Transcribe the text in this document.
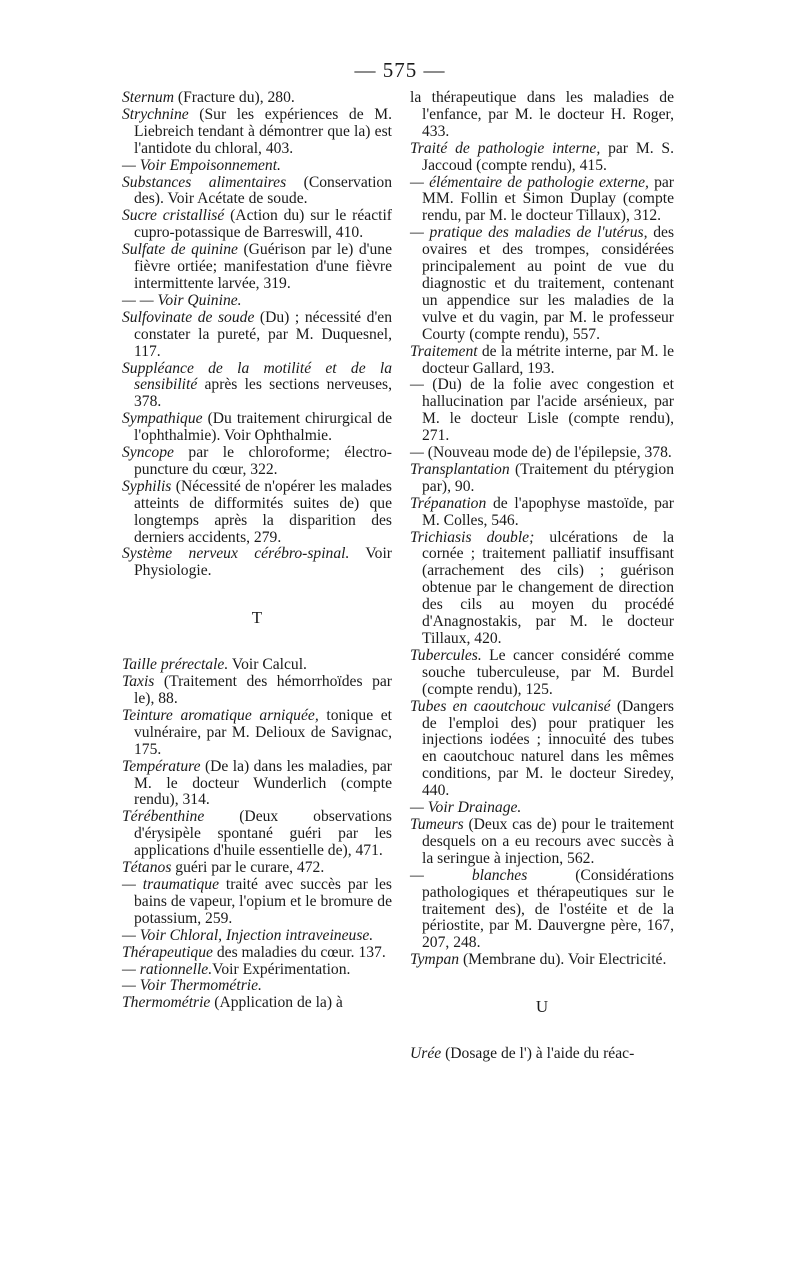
— 575 —

Sternum (Fracture du), 280.

Strychnine (Sur les expériences de M. Liebreich tendant à démontrer que la) est l'antidote du chloral, 403.

— Voir Empoisonnement.

Substances alimentaires (Conservation des). Voir Acétate de soude.

Sucre cristallisé (Action du) sur le réactif cupro-potassique de Barreswill, 410.

Sulfate de quinine (Guérison par le) d'une fièvre ortiée; manifestation d'une fièvre intermittente larvée, 319.

— — Voir Quinine.

Sulfovinate de soude (Du) ; nécessité d'en constater la pureté, par M. Duquesnel, 117.

Suppléance de la motilité et de la sensibilité après les sections nerveuses, 378.

Sympathique (Du traitement chirurgical de l'ophthalmie). Voir Ophthalmie.

Syncope par le chloroforme; électro-puncture du cœur, 322.

Syphilis (Nécessité de n'opérer les malades atteints de difformités suites de) que longtemps après la disparition des derniers accidents, 279.

Système nerveux cérébro-spinal. Voir Physiologie.

T

Taille prérectale. Voir Calcul.

Taxis (Traitement des hémorrhoïdes par le), 88.

Teinture aromatique arniquée, tonique et vulnéraire, par M. Delioux de Savignac, 175.

Température (De la) dans les maladies, par M. le docteur Wunderlich (compte rendu), 314.

Térébenthine (Deux observations d'érysipèle spontané guéri par les applications d'huile essentielle de), 471.

Tétanos guéri par le curare, 472.

— traumatique traité avec succès par les bains de vapeur, l'opium et le bromure de potassium, 259.

— Voir Chloral, Injection intraveineuse.

Thérapeutique des maladies du cœur. 137.

— rationnelle.Voir Expérimentation.

— Voir Thermométrie.

Thermométrie (Application de la) à

la thérapeutique dans les maladies de l'enfance, par M. le docteur H. Roger, 433.

Traité de pathologie interne, par M. S. Jaccoud (compte rendu), 415.

— élémentaire de pathologie externe, par MM. Follin et Simon Duplay (compte rendu, par M. le docteur Tillaux), 312.

— pratique des maladies de l'utérus, des ovaires et des trompes, considérées principalement au point de vue du diagnostic et du traitement, contenant un appendice sur les maladies de la vulve et du vagin, par M. le professeur Courty (compte rendu), 557.

Traitement de la métrite interne, par M. le docteur Gallard, 193.

— (Du) de la folie avec congestion et hallucination par l'acide arsénieux, par M. le docteur Lisle (compte rendu), 271.

— (Nouveau mode de) de l'épilepsie, 378.

Transplantation (Traitement du ptérygion par), 90.

Trépanation de l'apophyse mastoïde, par M. Colles, 546.

Trichiasis double; ulcérations de la cornée ; traitement palliatif insuffisant (arrachement des cils) ; guérison obtenue par le changement de direction des cils au moyen du procédé d'Anagnostakis, par M. le docteur Tillaux, 420.

Tubercules. Le cancer considéré comme souche tuberculeuse, par M. Burdel (compte rendu), 125.

Tubes en caoutchouc vulcanisé (Dangers de l'emploi des) pour pratiquer les injections iodées ; innocuité des tubes en caoutchouc naturel dans les mêmes conditions, par M. le docteur Siredey, 440.

— Voir Drainage.

Tumeurs (Deux cas de) pour le traitement desquels on a eu recours avec succès à la seringue à injection, 562.

— blanches (Considérations pathologiques et thérapeutiques sur le traitement des), de l'ostéite et de la périostite, par M. Dauvergne père, 167, 207, 248.

Tympan (Membrane du). Voir Electricité.

U

Urée (Dosage de l') à l'aide du réac-
